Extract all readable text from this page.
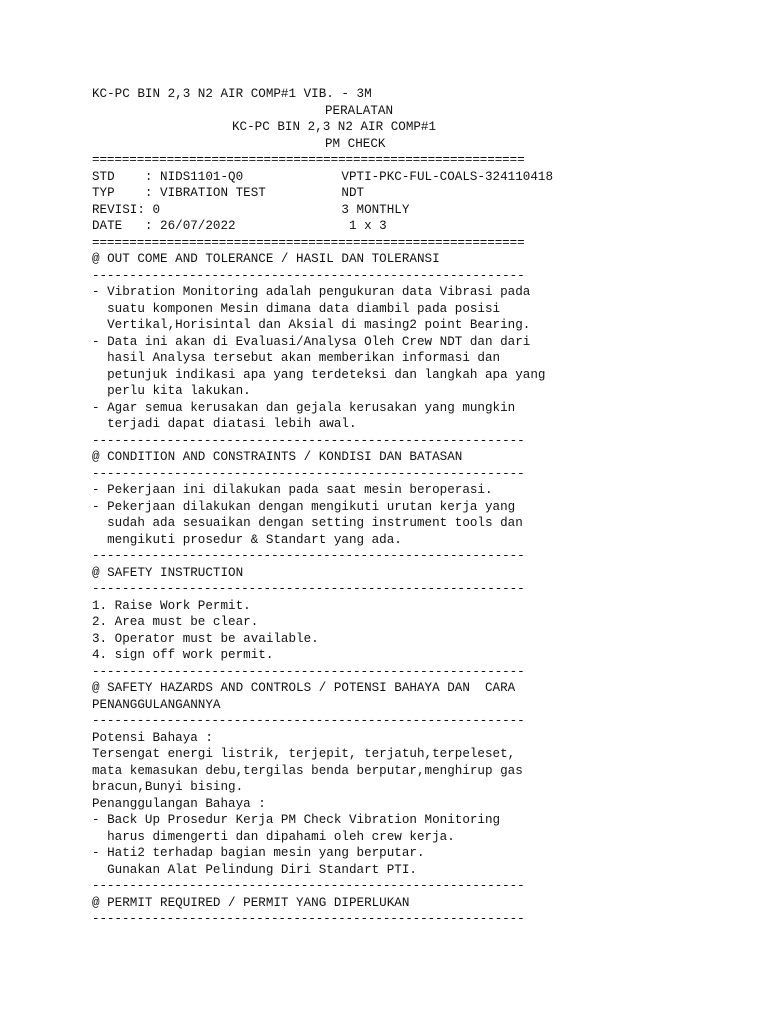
KC-PC BIN 2,3 N2 AIR COMP#1 VIB. - 3M
PERALATAN
KC-PC BIN 2,3 N2 AIR COMP#1
PM CHECK
==========================================================
STD    : NIDS1101-Q0             VPTI-PKC-FUL-COALS-324110418
TYP    : VIBRATION TEST          NDT
REVISI: 0                        3 MONTHLY
DATE   : 26/07/2022               1 x 3
==========================================================
@ OUT COME AND TOLERANCE / HASIL DAN TOLERANSI
----------------------------------------------------------
- Vibration Monitoring adalah pengukuran data Vibrasi pada
suatu komponen Mesin dimana data diambil pada posisi
Vertikal,Horisintal dan Aksial di masing2 point Bearing.
- Data ini akan di Evaluasi/Analysa Oleh Crew NDT dan dari
hasil Analysa tersebut akan memberikan informasi dan
petunjuk indikasi apa yang terdeteksi dan langkah apa yang
perlu kita lakukan.
- Agar semua kerusakan dan gejala kerusakan yang mungkin
terjadi dapat diatasi lebih awal.
----------------------------------------------------------
@ CONDITION AND CONSTRAINTS / KONDISI DAN BATASAN
----------------------------------------------------------
- Pekerjaan ini dilakukan pada saat mesin beroperasi.
- Pekerjaan dilakukan dengan mengikuti urutan kerja yang
sudah ada sesuaikan dengan setting instrument tools dan
mengikuti prosedur & Standart yang ada.
----------------------------------------------------------
@ SAFETY INSTRUCTION
----------------------------------------------------------
1. Raise Work Permit.
2. Area must be clear.
3. Operator must be available.
4. sign off work permit.
----------------------------------------------------------
@ SAFETY HAZARDS AND CONTROLS / POTENSI BAHAYA DAN  CARA
PENANGGULANGANNYA
----------------------------------------------------------
Potensi Bahaya :
Tersengat energi listrik, terjepit, terjatuh,terpeleset,
mata kemasukan debu,tergilas benda berputar,menghirup gas
bracun,Bunyi bising.
Penanggulangan Bahaya :
- Back Up Prosedur Kerja PM Check Vibration Monitoring
harus dimengerti dan dipahami oleh crew kerja.
- Hati2 terhadap bagian mesin yang berputar.
Gunakan Alat Pelindung Diri Standart PTI.
----------------------------------------------------------
@ PERMIT REQUIRED / PERMIT YANG DIPERLUKAN
----------------------------------------------------------
